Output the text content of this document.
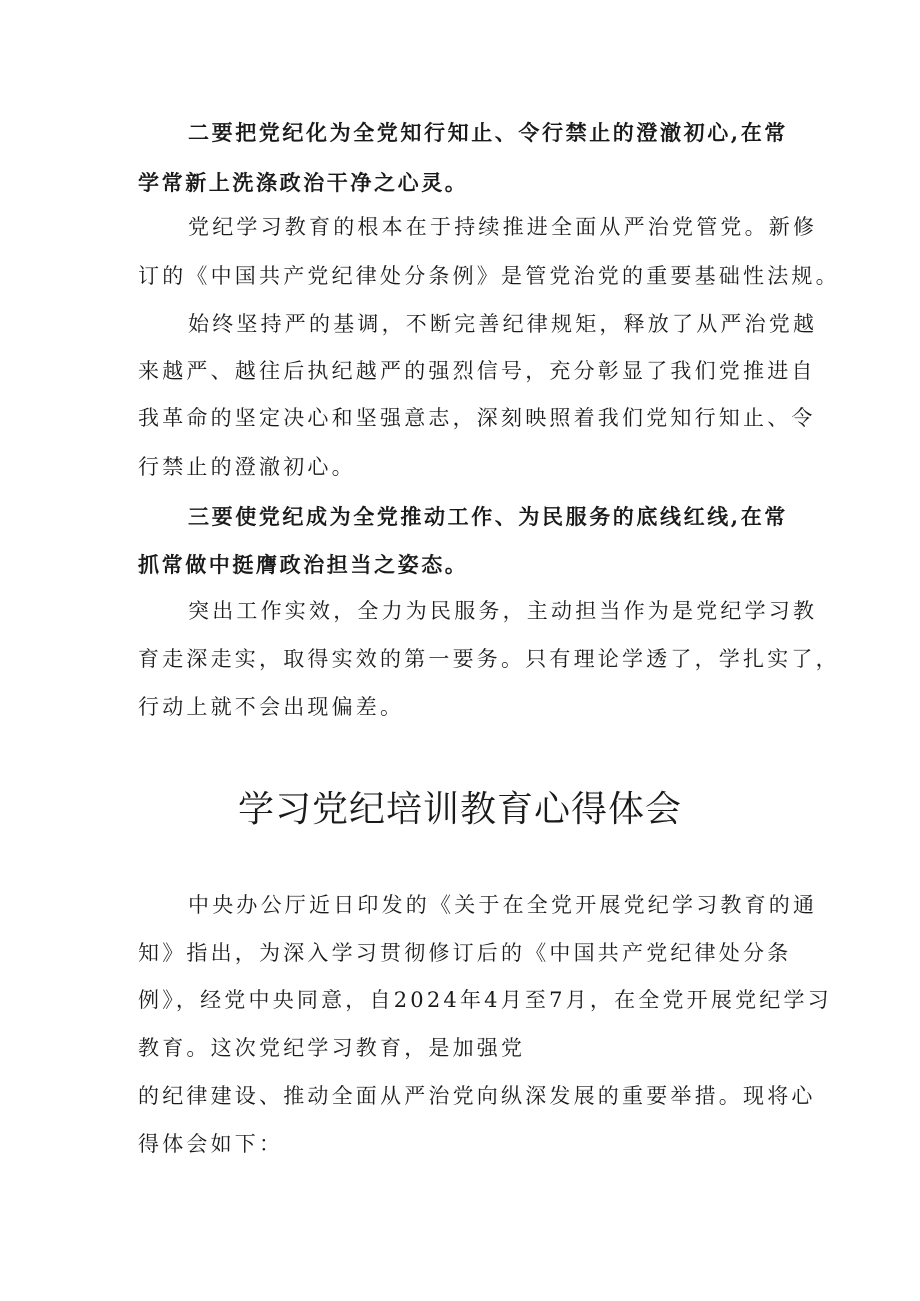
二要把党纪化为全党知行知止、令行禁止的澄澈初心,在常
学常新上洗涤政治干净之心灵。
党纪学习教育的根本在于持续推进全面从严治党管党。新修
订的《中国共产党纪律处分条例》是管党治党的重要基础性法规。
始终坚持严的基调，不断完善纪律规矩，释放了从严治党越
来越严、越往后执纪越严的强烈信号，充分彰显了我们党推进自
我革命的坚定决心和坚强意志，深刻映照着我们党知行知止、令
行禁止的澄澈初心。
三要使党纪成为全党推动工作、为民服务的底线红线,在常
抓常做中挺膺政治担当之姿态。
突出工作实效，全力为民服务，主动担当作为是党纪学习教
育走深走实，取得实效的第一要务。只有理论学透了，学扎实了，
行动上就不会出现偏差。
学习党纪培训教育心得体会
中央办公厅近日印发的《关于在全党开展党纪学习教育的通
知》指出，为深入学习贯彻修订后的《中国共产党纪律处分条
例》，经党中央同意，自2024年4月至7月，在全党开展党纪学习
教育。这次党纪学习教育，是加强党
的纪律建设、推动全面从严治党向纵深发展的重要举措。现将心
得体会如下：
